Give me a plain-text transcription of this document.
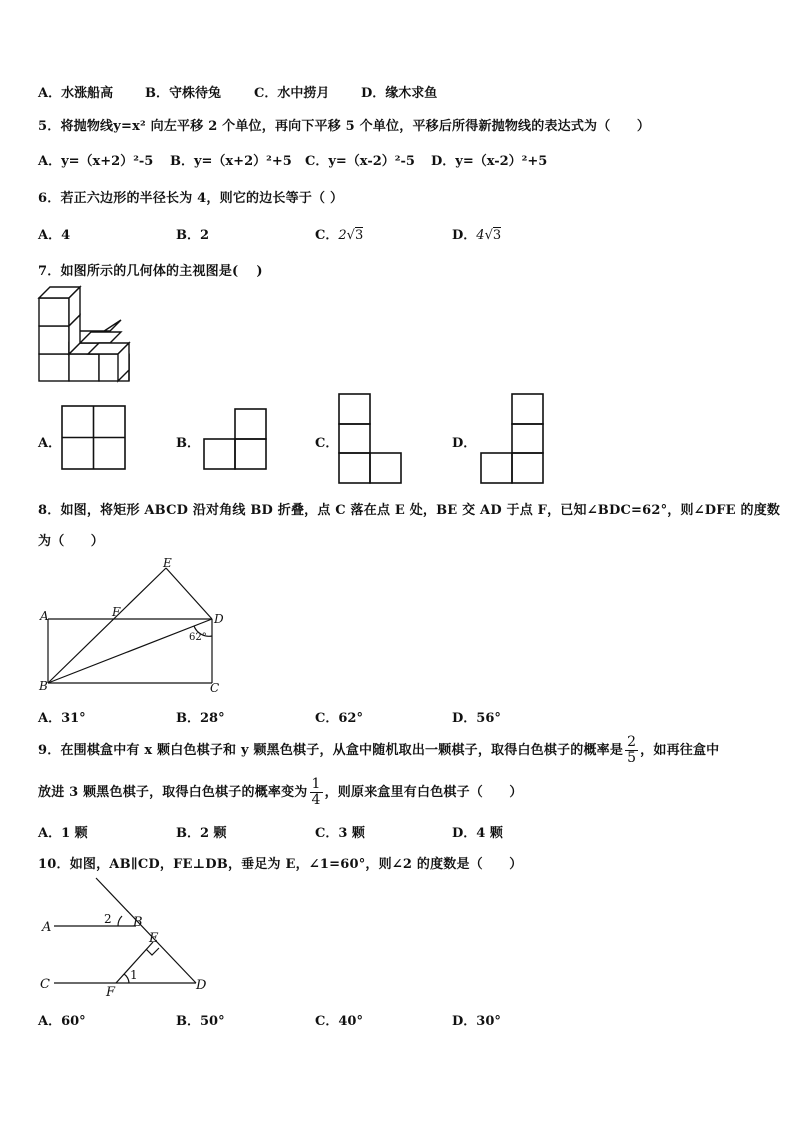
A．水涨船高 B．守株待兔	C．水中捞月 D．缘木求鱼
5．将抛物线y=x² 向左平移 2 个单位，再向下平移 5 个单位，平移后所得新抛物线的表达式为（　　）
A．y=（x+2）²-5 B．y=（x+2）²+5 C．y=（x-2）²-5 D．y=（x-2）²+5
6．若正六边形的半径长为 4，则它的边长等于（ ）
A．4	B．2	C．2√3	D．4√3
7．如图所示的几何体的主视图是(　 )
A．	B．	C．	D．
8．如图，将矩形 ABCD 沿对角线 BD 折叠，点 C 落在点 E 处，BE 交 AD 于点 F，已知∠BDC=62°，则∠DFE 的度数
为（　　）
E
A	F	D
62°
B	C
A．31°	B．28°	C．62°	D．56°
9．在围棋盒中有 x 颗白色棋子和 y 颗黑色棋子，从盒中随机取出一颗棋子，取得白色棋子的概率是 $\frac{2}{5}$ ，如再往盒中
放进 3 颗黑色棋子，取得白色棋子的概率变为 $\frac{1}{4}$ ，则原来盒里有白色棋子（　　）
A．1 颗	B．2 颗	C．3 颗	D．4 颗
10．如图，AB∥CD，FE⊥DB，垂足为 E，∠1=60°，则∠2 的度数是（　　）
A
2 B
E
1
C
F	D
A．60°	B．50°	C．40°	D．30°
